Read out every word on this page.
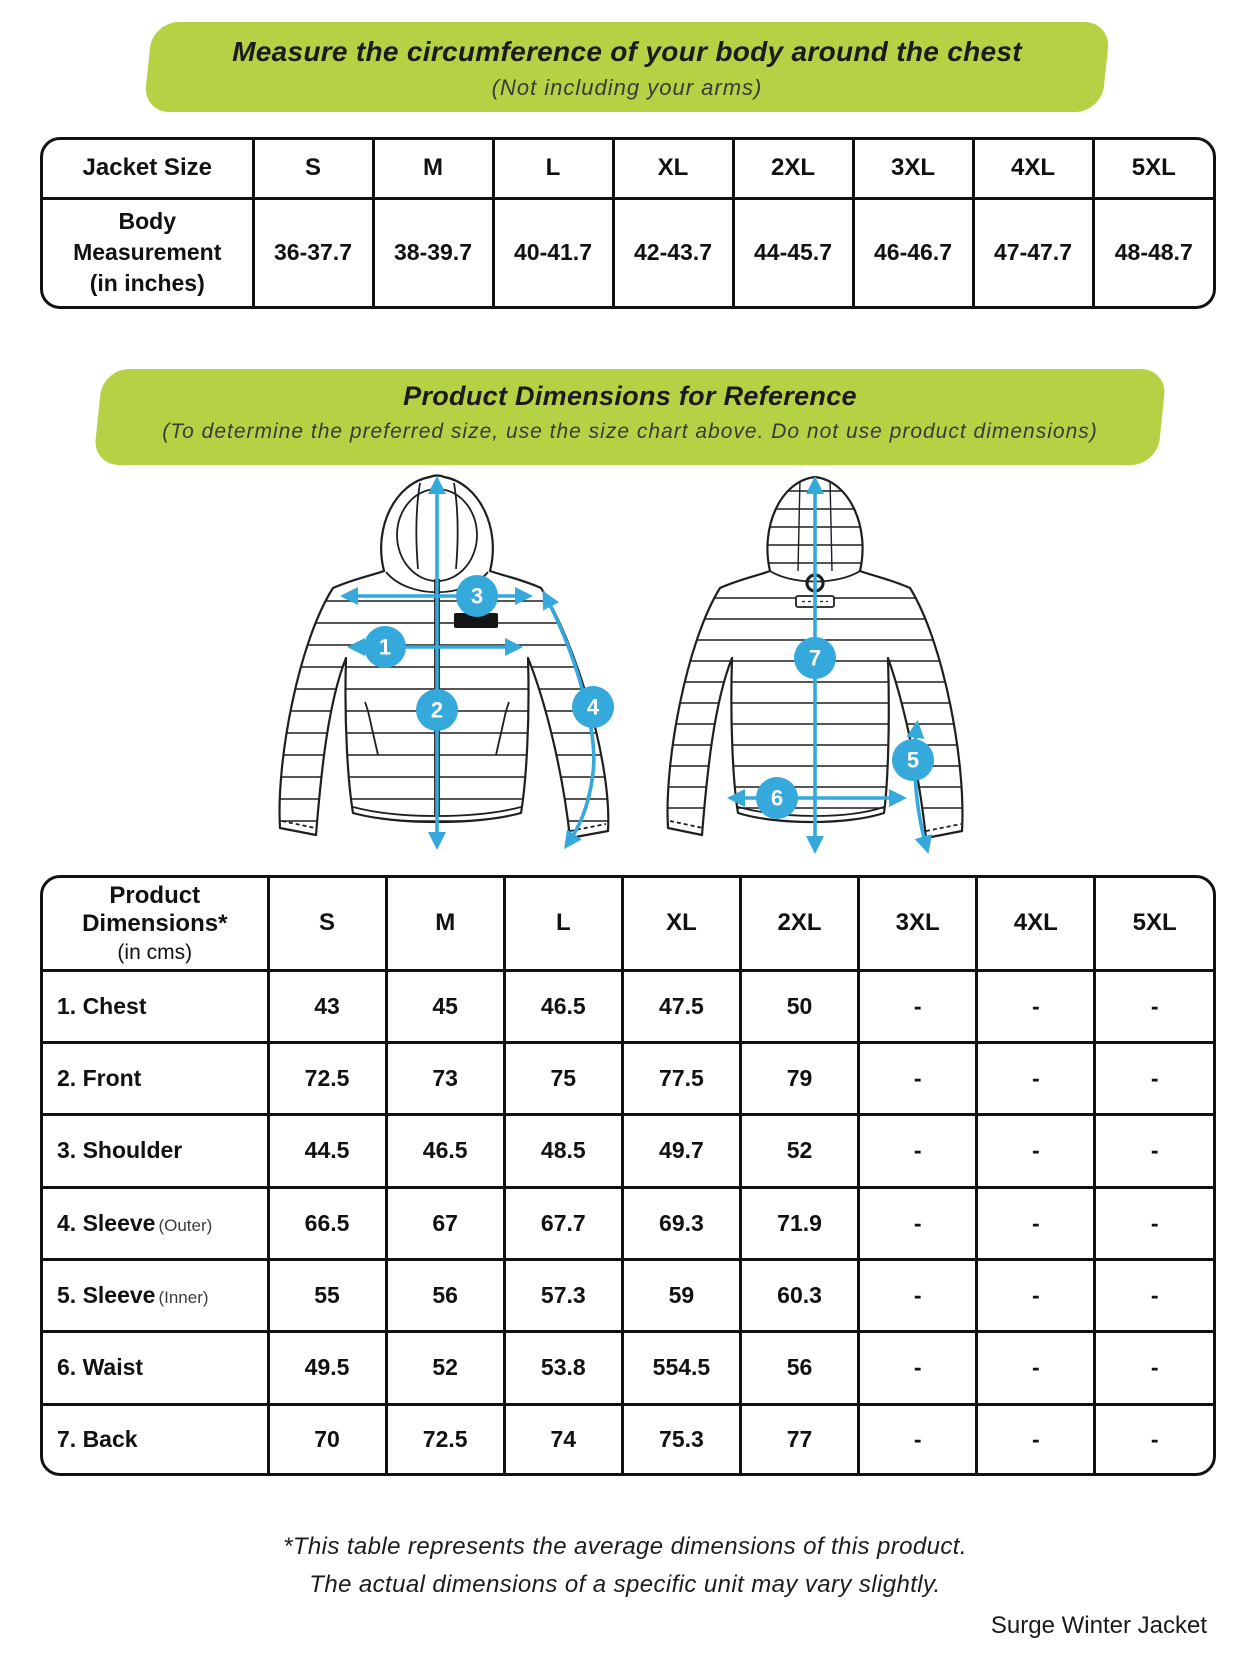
Measure the circumference of your body around the chest
(Not including your arms)
Jacket Size	S	M	L	XL	2XL	3XL	4XL	5XL

Body
Measurement
(in inches)	36-37.7	38-39.7	40-41.7	42-43.7	44-45.7	46-46.7	47-47.7	48-48.7
Product Dimensions for Reference
(To determine the preferred size, use the size chart above. Do not use product dimensions)
1
2
3
4
5
6
7
Product Dimensions*
(in cms)	S	M	L	XL	2XL	3XL	4XL	5XL
1. Chest	43	45	46.5	47.5	50	-	-	-
2. Front	72.5	73	75	77.5	79	-	-	-
3. Shoulder	44.5	46.5	48.5	49.7	52	-	-	-
4. Sleeve (Outer)	66.5	67	67.7	69.3	71.9	-	-	-
5. Sleeve (Inner)	55	56	57.3	59	60.3	-	-	-
6. Waist	49.5	52	53.8	554.5	56	-	-	-
7. Back	70	72.5	74	75.3	77	-	-	-
*This table represents the average dimensions of this product.
The actual dimensions of a specific unit may vary slightly.
Surge Winter Jacket
